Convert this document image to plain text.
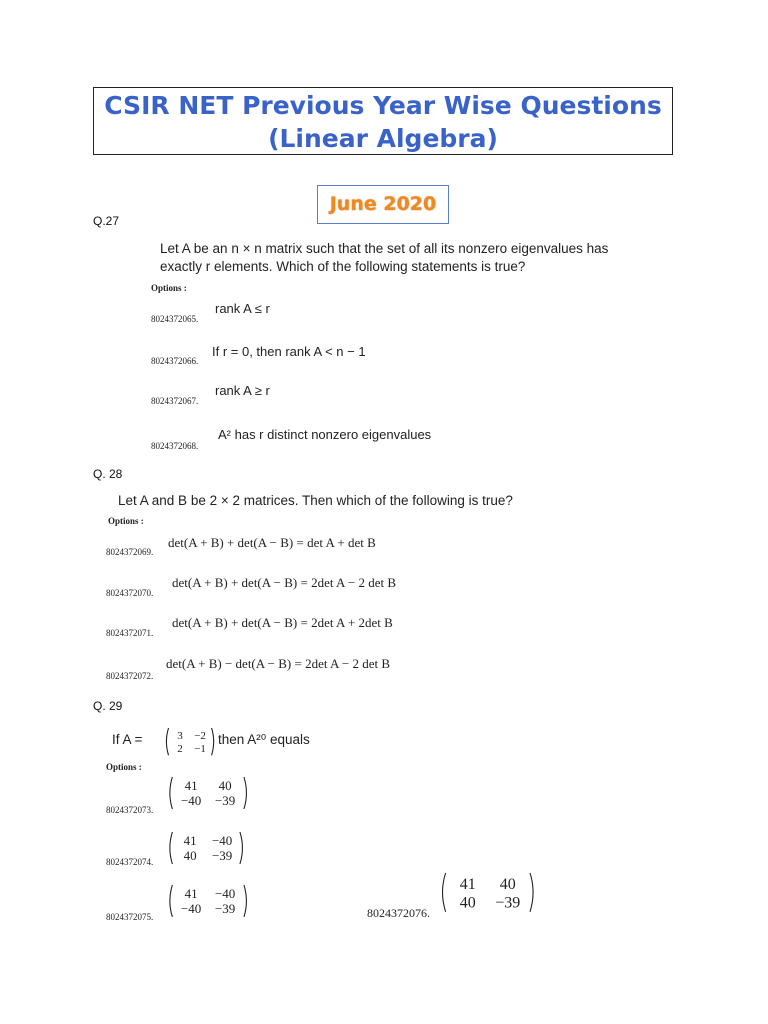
CSIR NET Previous Year Wise Questions
(Linear Algebra)
June 2020
Q.27
Let A be an n × n matrix such that the set of all its nonzero eigenvalues has
exactly r elements. Which of the following statements is true?
Options :
rank A ≤ r
8024372065.
If r = 0, then rank A < n − 1
8024372066.
rank A ≥ r
8024372067.
A² has r distinct nonzero eigenvalues
8024372068.
Q. 28
Let A and B be 2 × 2 matrices. Then which of the following is true?
Options :
det(A + B) + det(A − B) = det A + det B
8024372069.
det(A + B) + det(A − B) = 2det A − 2 det B
8024372070.
det(A + B) + det(A − B) = 2det A + 2det B
8024372071.
det(A + B) − det(A − B) = 2det A − 2 det B
8024372072.
Q. 29
If A =	3 −2
2 −1
then A²⁰ equals
Options :
41 40
−40 −39
8024372073.
41 −40
40 −39
8024372074.
41 −40
−40 −39
8024372075.	8024372076.
41 40
40 −39
